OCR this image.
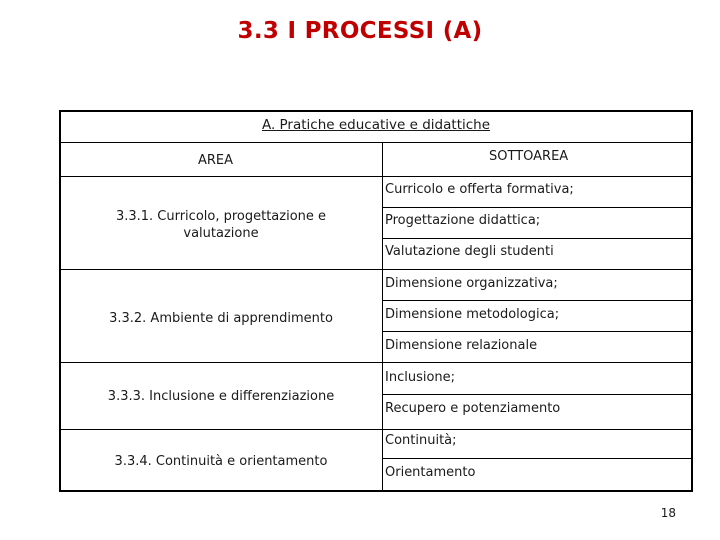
3.3 I PROCESSI (A)
A. Pratiche educative e didattiche
AREA	SOTTOAREA
3.3.1. Curricolo, progettazione e valutazione
Curricolo e offerta formativa;
Progettazione didattica;
Valutazione degli studenti
3.3.2. Ambiente di apprendimento
Dimensione organizzativa;
Dimensione metodologica;
Dimensione relazionale
3.3.3. Inclusione e differenziazione
Inclusione;
Recupero e potenziamento
3.3.4. Continuità e orientamento
Continuità;
Orientamento
18
